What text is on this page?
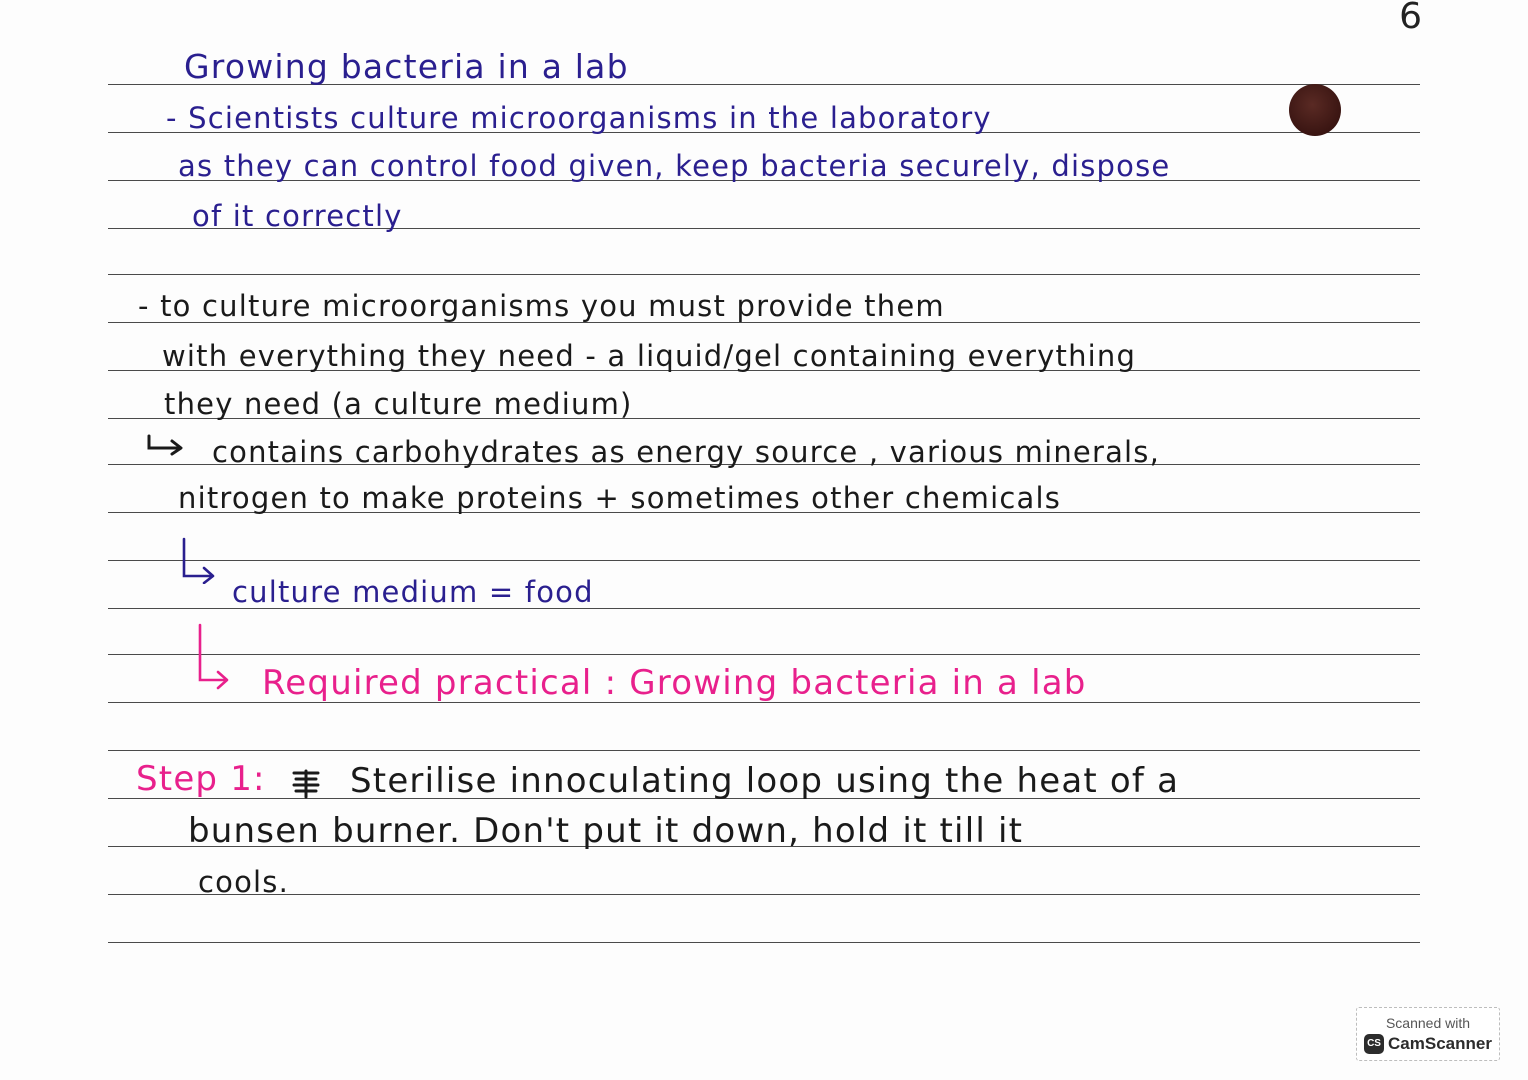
6
Growing bacteria in a lab
- Scientists culture microorganisms in the laboratory
as they can control food given, keep bacteria securely, dispose
of it correctly
- to culture microorganisms you must provide them
with everything they need - a liquid/gel containing everything
they need (a culture medium)
contains carbohydrates as energy source , various minerals,
nitrogen to make proteins + sometimes other chemicals
culture medium = food
Required practical : Growing bacteria in a lab
Step 1: Sterilise innoculating loop using the heat of a
bunsen burner. Don't put it down, hold it till it
cools.
Scanned with
CS CamScanner
